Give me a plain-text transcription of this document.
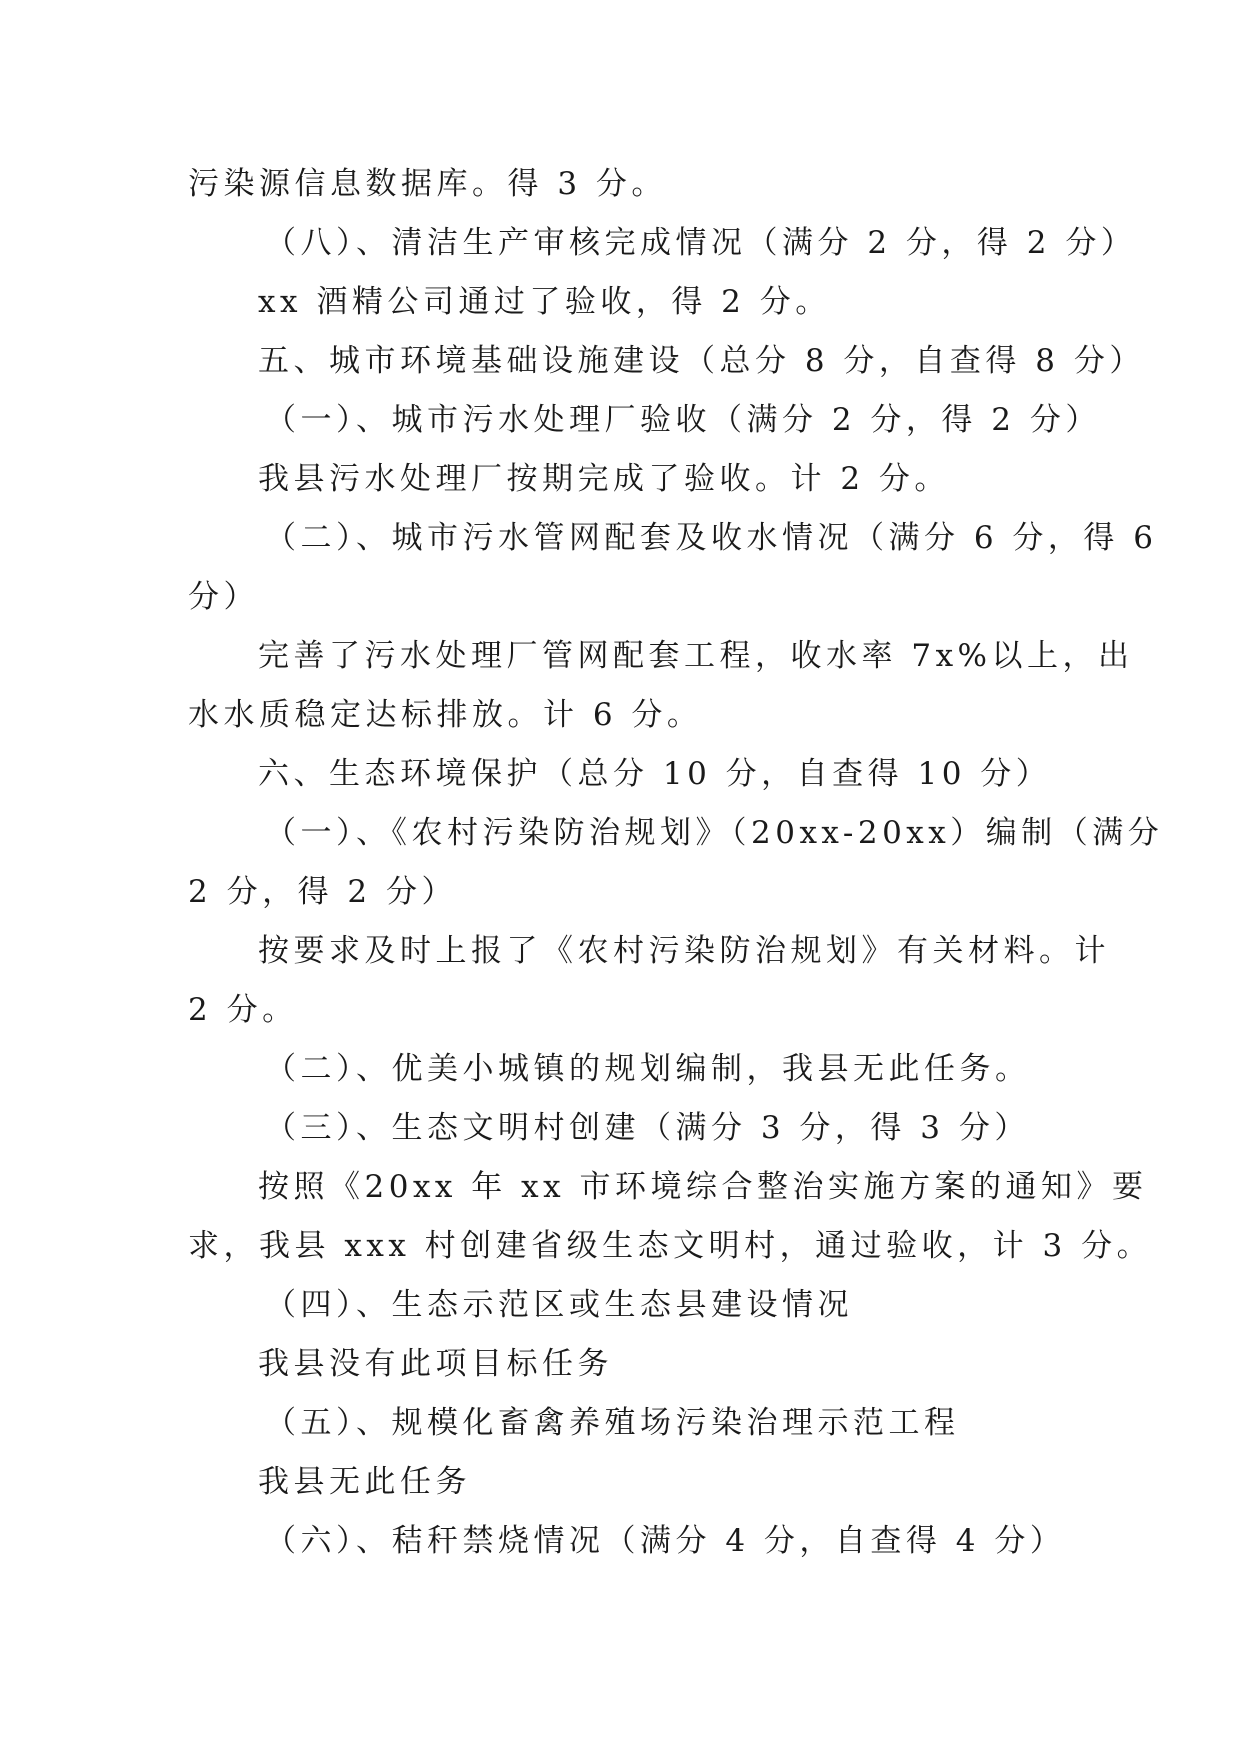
污染源信息数据库。得 3 分。
（八）、清洁生产审核完成情况（满分 2 分，得 2 分）
xx 酒精公司通过了验收，得 2 分。
五、城市环境基础设施建设（总分 8 分，自查得 8 分）
（一）、城市污水处理厂验收（满分 2 分，得 2 分）
我县污水处理厂按期完成了验收。计 2 分。
（二）、城市污水管网配套及收水情况（满分 6 分，得 6
分）
完善了污水处理厂管网配套工程，收水率 7x%以上，出
水水质稳定达标排放。计 6 分。
六、生态环境保护（总分 10 分，自查得 10 分）
（一）、《农村污染防治规划》（20xx-20xx）编制（满分
2 分，得 2 分）
按要求及时上报了《农村污染防治规划》有关材料。计
2 分。
（二）、优美小城镇的规划编制，我县无此任务。
（三）、生态文明村创建（满分 3 分，得 3 分）
按照《20xx 年 xx 市环境综合整治实施方案的通知》要
求，我县 xxx 村创建省级生态文明村，通过验收，计 3 分。
（四）、生态示范区或生态县建设情况
我县没有此项目标任务
（五）、规模化畜禽养殖场污染治理示范工程
我县无此任务
（六）、秸秆禁烧情况（满分 4 分，自查得 4 分）
